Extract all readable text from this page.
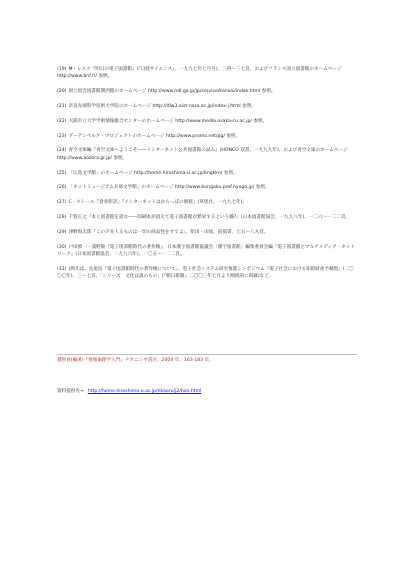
(19) M・レスク『明日の電子図書館』(『日経サイエンス』、一九九七年七月号)、三四〜三七頁、およびフランス国立図書館のホームページ http://www.bnf.fr/ 参照。

(20) 国立国会図書館関西館のホームページ http://www.ndl.go.jp/jp/service/kansai/index.html 参照。

(21) 奈良先端科学技術大学院のホームページ http://dlw3.aist-nara.ac.jp/index-j.html 参照。

(22) 大阪市立大学学術情報総合センターのホームページ http://www.media.osaka-cu.ac.jp/ 参照。

(23) グーテンベルク・プロジェクトのホームページ http://www.promo.net/pg/ 参照。

(24) 青空文庫編『青空文庫へようこそ――インターネット公共図書館の試み』(HONCO 双書、一九九九年)、および青空文庫のホームページ http://www.aozora.gr.jp/ 参照。

(25) 「広島文学館」のホームページ http://home.hiroshima-u.ac.jp/bngkkn/ 参照。

(26) 「ネットミュージアム兵庫文学館」のホームページ http://www.bungaku.pref.hyogo.jp/ 参照。

(27) C・ストール『倉骨彰訳』『インターネットはからっぽの洞窟』(草思社、一九九七年)。

(28) 千賀正之『本と図書館を読む――印刷本が消えて電子図書館が繁栄するという嘘?』(日本図書館協会、一九九八年)、一二六〜一二二頁。

(29) 津野海太郎『このＰ先人るものは一切の商品性をすてよ』、原田・田尾、前掲書、七五〜八九頁。

(30) 戸田慎一・浦野敏『電子図書館時代の著作権』、日本漢字図書館協議会「漢字図書館」編集委員会編『電子図書館とマルチメディア・ネットワーク』(日本図書館協会、一九九六年)、一〇五〜一二二頁。

(31) (例えば、長尾真『電子図書館時代の著作権について』、電子社会システム研究推進シンポジウム『電子社会における知的財産予稿集』(二〇〇〇年)、三〜七頁、「シリーズ　文化は誰のもの」(『朝日新聞』二〇〇三年七月より断続的に掲載)など。

越智貢(編著)『情報倫理学入門』ナカニシヤ書店、2004 年、163-183 頁。
資料提供先→ http://home.hiroshima-u.ac.jp/nkaoru/j2/hon.html
